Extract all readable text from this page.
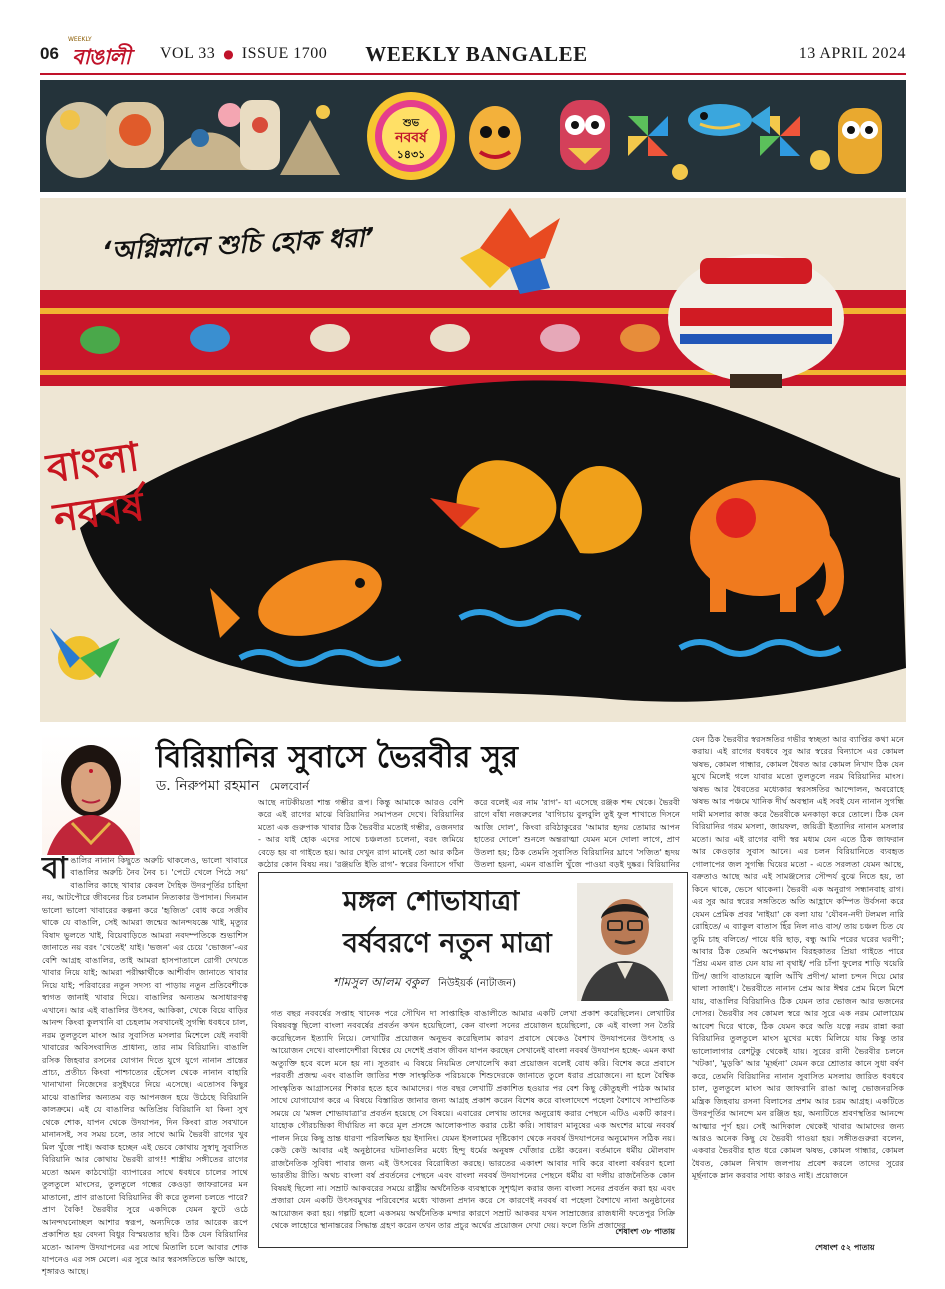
06
WEEKLY
বাঙালী VOL 33 ● ISSUE 1700 WEEKLY BANGALEE	13 APRIL 2024
শুভ
নববর্ষ
১৪৩১
‘অগ্নিস্নানে শুচি হোক ধরা’
বাংলা
নববর্ষ
বিরিয়ানির সুবাসে ভৈরবীর সুর
ড. নিরুপমা রহমান মেলবোর্ন
বা ঙালির নানান কিছুতে অরুচি থাকলেও, ভালো খাবারে বাঙালির অরুচি নৈব নৈব চ। 'পেটে খেলে পিঠে সয়' বাঙালির কাছে খাবার কেবল দৈহিক উদরপূর্তির চাহিদা নয়, আটপৌরে জীবনের চির চলমান নিত্যকার উপাদান। দিনমান ভালো ভালো খাবারের কল্পনা করে 'হৃজিত' বোধ করে সজীব থাকে যে বাঙালি, সেই আমরা জন্মের আনন্দযজ্ঞে খাই, মৃত্যুর বিষাদ ভুলতে খাই, বিয়েবাড়িতে আমরা নবদম্পতিকে শুভাশিস জানাতে নয় বরং 'খেতেই' যাই। 'ভজন' এর চেয়ে 'ভোজন'-এর বেশি আগ্রহ বাঙালির, তাই আমরা হাসপাতালে রোগী দেখতে খাবার নিয়ে যাই; আমরা পরীক্ষার্থীকে আশীর্বাদ জানাতে খাবার নিয়ে যাই; পরিবারের নতুন সদস্য বা পাড়ায় নতুন প্রতিবেশীকে স্বাগত জানাই খাবার দিয়ে। বাঙালির অন্যতম অসাধারণত্ব এখানে। আর এই বাঙালির উৎসব, আকিকা, খেকে বিয়ে বাড়ির আনন্দ কিংবা কুলখানি বা চেহলাম সবখানেই সুগন্ধি ধবধবে চাল, নরম তুলতুলে মাংস আর সুবাসিত মসলার মিশেলে যেই নবাবী খাবারের অবিসংবাদিত প্রাধান্য, তার নাম বিরিয়ানি। বাঙালি রসিক জিহবার রসনের যোগান দিতে যুগে যুগে নানান প্রান্তের প্রাচ্য, প্রতীচ্য কিংবা পাশ্চাত্যের হেঁসেল থেকে নানান বাহারি খানাখানা নিজেদের রসুইঘরে নিয়ে এসেছে। এতোসব কিছুর মাঝে বাঙালির অন্যতম বড় আপনজন হয়ে উঠেছে বিরিয়ানি কালক্রমে। এই যে বাঙালির অতিপ্রিয় বিরিয়ানি যা কিনা সুখ থেকে শোক, যাপন থেকে উদযাপন, দিন কিংবা রাত সবখানে মানানসই, সব সময় চলে, তার সাথে আমি ভৈরবী রাগের খুব মিল খুঁজে পাই। অবাক হচ্ছেন এই ভেবে কোথায় সুস্বাদু সুবাসিত বিরিয়ানি আর কোথায় ভৈরবী রাগ!! শাস্ত্রীয় সঙ্গীতের রাগের মতো অমন কাঠখোট্টা ব্যাপারের সাথে ধবধবে চালের সাথে তুলতুলে মাংসের, তুলতুলে গন্ধের কেওড়া জাফরানের মন মাতানো, প্রাণ রাঙানো বিরিয়ানির কী করে তুলনা চলতে পারে? প্রাণ বৈকি! ভৈরবীর সুরে একদিকে যেমন ফুটে ওঠে আনন্দঘনোচ্ছল আশার স্বরূপ, অন্যদিকে তার আরেক রূপে প্রকাশিত হয় বেদনা বিধুর বিস্ময়তার ছবি। ঠিক যেন বিরিয়ানির মতো- আনন্দ উদযাপনের এর সাথে মিতালি চলে আবার শোক যাপনেও এর সঙ্গ মেলে। এর সুরে আর স্বরসঙ্গতিতে ভক্তি আছে, শৃঙ্গারও আছে।
আছে নাটকীয়তা শান্ত গম্ভীর রূপ। কিন্তু আমাকে আরও বেশি করে এই রাগের মাঝে বিরিয়ানির সমাপতন দেখে। বিরিয়ানির মতো এক গুরুপাক খাবার ঠিক ভৈরবীর মতোই গম্ভীর, ওজনদার - আর যাই হোক এদের সাথে চঞ্চলতা চলেনা, বরং জমিয়ে বেড়ে হয় বা গাইতে হয়। আর দেখুন রাগ মানেই তো আর কঠিন কঠোর কোন বিষয় নয়। 'রঞ্জয়তি ইতি রাগ'- স্বরের বিন্যাসে গাঁথা
করে বলেই এর নাম 'রাগ'- যা এসেছে রঞ্জক শব্দ থেকে। ভৈরবী রাগে বাঁধা নজরুলের 'বাগিচায় বুলবুলি তুই ফুল শাখাতে দিসনে আজি দোল', কিংবা রবিঠাকুরের 'আমার হৃদয় তোমার আপন হাতের দোলে' শুনলে অন্তরাত্মা যেমন মনে দোলা লাগে, প্রাণ উতলা হয়; ঠিক তেমনি সুবাসিত বিরিয়ানির ঘ্রাণে 'সজিত' হৃদয় উতলা হয়না, এমন বাঙালি খুঁজে পাওয়া বড়ই দুষ্কর। বিরিয়ানির
যেন ঠিক ভৈরবীর স্বরসঙ্গতির গভীর স্বচ্ছতা আর ব্যাপ্তির কথা মনে করায়। এই রাগের ধবধবে সুর আর স্বরের বিন্যাসে এর কোমল ঋষভ, কোমল গান্ধার, কোমল ধৈবত আর কোমল নিখাদ ঠিক যেন মুখে মিলেই গলে যাবার মতো তুলতুলে নরম বিরিয়ানির মাংস। ঋষভ আর ধৈবতের মধ্যেকার স্বরসঙ্গতির আন্দোলন, অবরোহে ঋষভ আর পঞ্চমে খানিক দীর্ঘ অবস্থান এই সবই যেন নানান সুগন্ধি দামী মসলার কাজ করে ভৈরবীকে মনকাড়া করে তোলে। ঠিক যেন বিরিয়ানির গরম মসলা, জায়ফল, জয়িত্রী ইত্যাদির নানান মসলার মতো। আর এই রাগের বাদী স্বর মধ্যম যেন এতে ঠিক জাফরান আর কেওড়ার সুবাস আনে। এর চলন বিরিয়ানিতে ব্যবহৃত গোলাপের জল সুগন্ধি ঘিয়ের মতো - এতে সরলতা যেমন আছে, বক্রতাও আছে আর এই সামঞ্জস্যের সৌন্দর্য বুঝে নিতে হয়, তা কিনে থাকে, ভেসে থাকেনা। ভৈরবী এক অনুরাগ সন্ধানবাহ রাগ। এর সুর আর স্বরের সঙ্গতিতে অতি আহ্লাদে কম্পিত উর্বসনা করে যেমন প্রেমিক প্রবর 'নাইয়া' কে বলা যায় 'যৌবন-নদী টলমল নারি রোহিতে/ এ ব্যাকুল বাতাস হিঁর নিল নাও বাস/ তায় চঞ্চল চিত যে তুমি চাহ বলিতে/ পায়ে ধরি ছাড়, বন্ধু আমি পরের ঘরের ঘরণী'; আবার ঠিক তেমনি অপেক্ষমান বিরহকাতর প্রিয়া গাইতে পারে 'প্রিয় এমন রাত যেন যায় না বৃথাই/ পরি চাঁপা ফুলের শাড়ি খয়েরি টিপ/ জাগি বাতায়নে জ্বালি আঁখি প্রদীপ/ মালা চন্দন দিয়ে মোর থালা সাজাই'। ভৈরবীতে নানান প্রেম আর ঈশ্বর প্রেম মিলে মিশে যায়, বাঙালির বিরিয়ানিও ঠিক যেমন তার ভোজন আর ভজনের দোসর। ভৈরবীর সব কোমল স্বরে আর সুরে এক নরম মোলায়েম আবেশ ঘিরে থাকে, ঠিক যেমন করে অতি যত্নে নরম রান্না করা বিরিয়ানির তুলতুলে মাংস মুখের মধ্যে মিলিয়ে যায় কিন্তু তার ভালোলাগার রেশটুকু থেকেই যায়। সুরের রানী ভৈরবীর চলনে 'খটকা', 'মুড়কি' আর 'মূর্চ্ছনা' যেমন করে শ্রোতার কানে সুধা বর্ষণ করে, তেমনি বিরিয়ানির নানান সুবাসিত মসলায় জারিত ধবধবে চাল, তুলতুলে মাংস আর জাফরানি রাঙা আলু ভোজনরসিক মন্ত্রিক জিহবায় রসনা বিলাসের প্রশম আর চরম আগ্রহ। একটিতে উদরপূর্তির আনন্দে মন রঞ্জিত হয়, অন্যটিতে শ্রবণস্থতির আনন্দে আত্মার পূর্ণ হয়। সেই আদিকাল থেকেই খাবার আমাদের জন্য আরও অনেক কিছু যে ভৈরবী গাওয়া হয়। সঙ্গীতগুরুরা বলেন, একবার ভৈরবীর হাত ধরে কোমল ঋষভ, কোমল গান্ধার, কোমল ধৈবত, কোমল নিখাদ জলপায় প্রবেশ করলে তাদের সুরের মূর্ছনাকে ম্লান করবার সাধ্য কারও নাই। প্রয়োজনে
শেষাংশ ৫২ পাতায়
মঙ্গল শোভাযাত্রা
বর্ষবরণে নতুন মাত্রা
শামসুল আলম বকুল নিউইয়র্ক (নাটাজন)
গত বছর নববর্ষের সপ্তাহ খানেক পরে সৌখিন দা সাপ্তাহিক বাঙালীতে আমার একটি লেখা প্রকাশ করেছিলেন। লেখাটির বিষয়বস্তু ছিলো বাংলা নববর্ষের প্রবর্তন কখন হয়েছিলো, কেন বাংলা সনের প্রয়োজন হয়েছিলো, কে এই বাংলা সন তৈরি করেছিলেন ইত্যাদি নিয়ে। লেখাটির প্রয়োজন অনুভব করেছিলাম কারণ প্রবাসে থেকেও বৈশাখ উদযাপনের উৎসাহ ও আয়োজন দেখে। বাংলাদেশীরা বিশ্বের যে দেশেই প্রবাস জীবন যাপন করছেন সেখানেই বাংলা নববর্ষ উদযাপন হচ্ছে- এমন কথা অত্যুক্তি হবে বলে মনে হয় না। সুতরাং এ বিষয়ে নিয়মিত লেখালেখি করা প্রয়োজন বলেই বোধ করি। বিশেষ করে প্রবাসে পরবর্তী প্রজন্ম এবং বাঙালি জাতির শক্ত সাংস্কৃতিক পরিচয়কে শিশুদেরকে জানাতে তুলে ধরার প্রয়োজনে। না হলে বৈশ্বিক সাংস্কৃতিক আগ্রাসনের শিকার হতে হবে আমাদের। গত বছর লেখাটি প্রকাশিত হওয়ার পর বেশ কিছু কৌতুহলী পাঠক আমার সাথে যোগাযোগ করে এ বিষয়ে বিস্তারিত জানার জন্য আগ্রহ প্রকাশ করেন বিশেষ করে বাংলাদেশে পহেলা বৈশাখে সাম্প্রতিক সময়ে যে 'মঙ্গল শোভাযাত্রা'র প্রবর্তন হয়েছে সে বিষয়ে। এবারের লেখায় তাদের অনুরোধ করার পেছনে এটিও একটি কারণ। যাহোক গৌরচন্দ্রিকা দীর্ঘায়িত না করে মূল প্রসঙ্গে আলোকপাত করার চেষ্টা করি। সাধারণ মানুষের এক অংশের মাঝে নববর্ষ পালন নিয়ে কিছু ভ্রান্ত ধারণা পরিলক্ষিত হয় ইদানিং। যেমন ইসলামের দৃষ্টিকোণ থেকে নববর্ষ উদযাপনের অনুমোদন সঠিক নয়। কেউ কেউ আবার এই অনুষ্ঠানের ঘটনাগুলির মধ্যে হিন্দু ধর্মের অনুষঙ্গ খোঁজার চেষ্টা করেন। বর্তমানে ধর্মীয় মৌলবাদ রাজনৈতিক সুবিধা পাবার জন্য এই উৎসবের বিরোধিতা করছে। ভারতের একাংশ আবার দাবি করে বাংলা বর্ষবরণ হলো ভারতীয় রীতি। অথচ বাংলা বর্ষ প্রবর্তনের পেছনে এবং বাংলা নববর্ষ উদযাপনের পেছনে ধর্মীয় বা দলীয় রাজনৈতিক কোন বিষয়ই ছিলো না। সম্রাট আকবরের সময়ে রাষ্ট্রীয় অর্থনৈতিক ব্যবস্থাকে সুশৃঙ্খল করার জন্য বাংলা সনের প্রবর্তন করা হয় এবং প্রজারা যেন একটি উৎসবমুখর পরিবেশের মধ্যে খাজনা প্রদান করে সে কারণেই নববর্ষ বা পহেলা বৈশাখে নানা অনুষ্ঠানের আয়োজন করা হয়। গল্পটি হলো একসময় অর্থনৈতিক মন্দার কারণে সম্রাট আকবর যখন সাম্রাজ্যের রাজধানী ফতেপুর সিক্রি থেকে লাহোরে স্থানান্তরের সিদ্ধান্ত গ্রহণ করেন তখন তার প্রচুর অর্থের প্রয়োজন দেখা দেয়। ফলে তিনি প্রজাদের
শেষাংশ ৩৮ পাতায়
